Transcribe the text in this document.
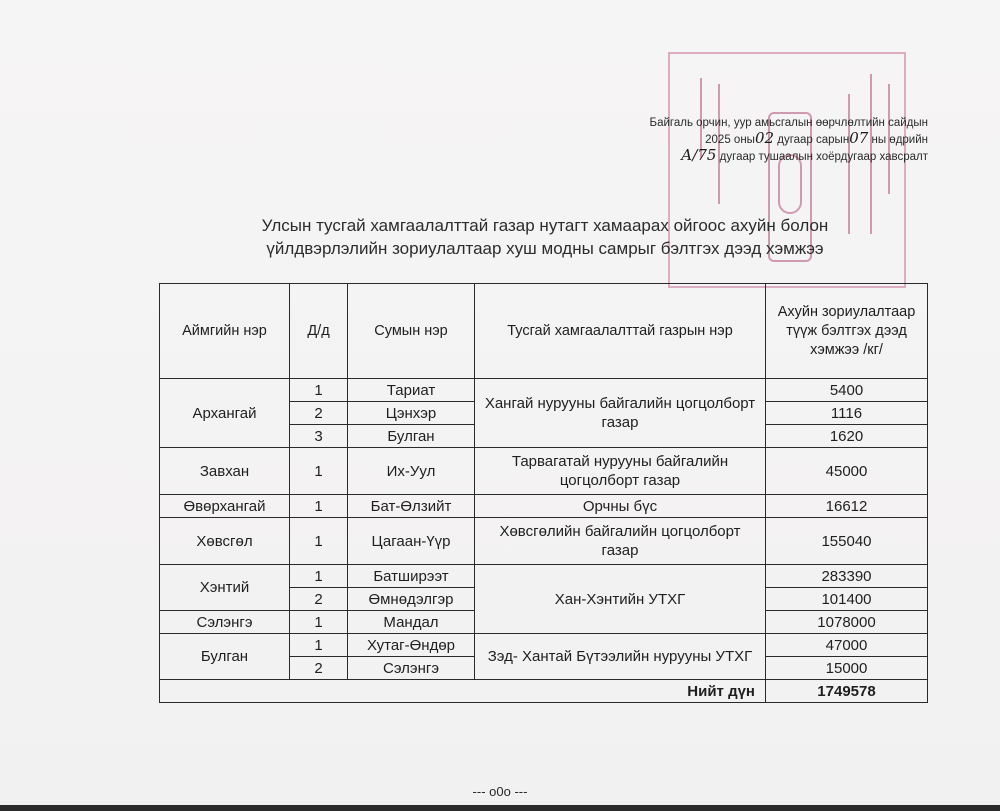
Байгаль орчин, уур амьсгалын өөрчлөлтийн сайдын
2025 оны02 дугаар сарын07 ны өдрийн
А/75 дугаар тушаалын хоёрдугаар хавсралт
Улсын тусгай хамгаалалттай газар нутагт хамаарах ойгоос ахуйн болон
үйлдвэрлэлийн зориулалтаар хуш модны самрыг бэлтгэх дээд хэмжээ
Аймгийн нэр	Д/д	Сумын нэр	Тусгай хамгаалалттай газрын нэр	Ахуйн зориулалтаар түүж бэлтгэх дээд хэмжээ /кг/
Архангай	1	Тариат	Хангай нурууны байгалийн цогцолборт газар	5400
	2	Цэнхэр		1116
	3	Булган		1620
Завхан	1	Их-Уул	Тарвагатай нурууны байгалийн цогцолборт газар	45000
Өвөрхангай	1	Бат-Өлзийт	Орчны бүс	16612
Хөвсгөл	1	Цагаан-Үүр	Хөвсгөлийн байгалийн цогцолборт газар	155040
Хэнтий	1	Батширээт	Хан-Хэнтийн УТХГ	283390
	2	Өмнөдэлгэр		101400
Сэлэнгэ	1	Мандал		1078000
Булган	1	Хутаг-Өндөр	Зэд- Хантай Бүтээлийн нурууны УТХГ	47000
	2	Сэлэнгэ		15000
Нийт дүн				1749578
--- o0o ---
